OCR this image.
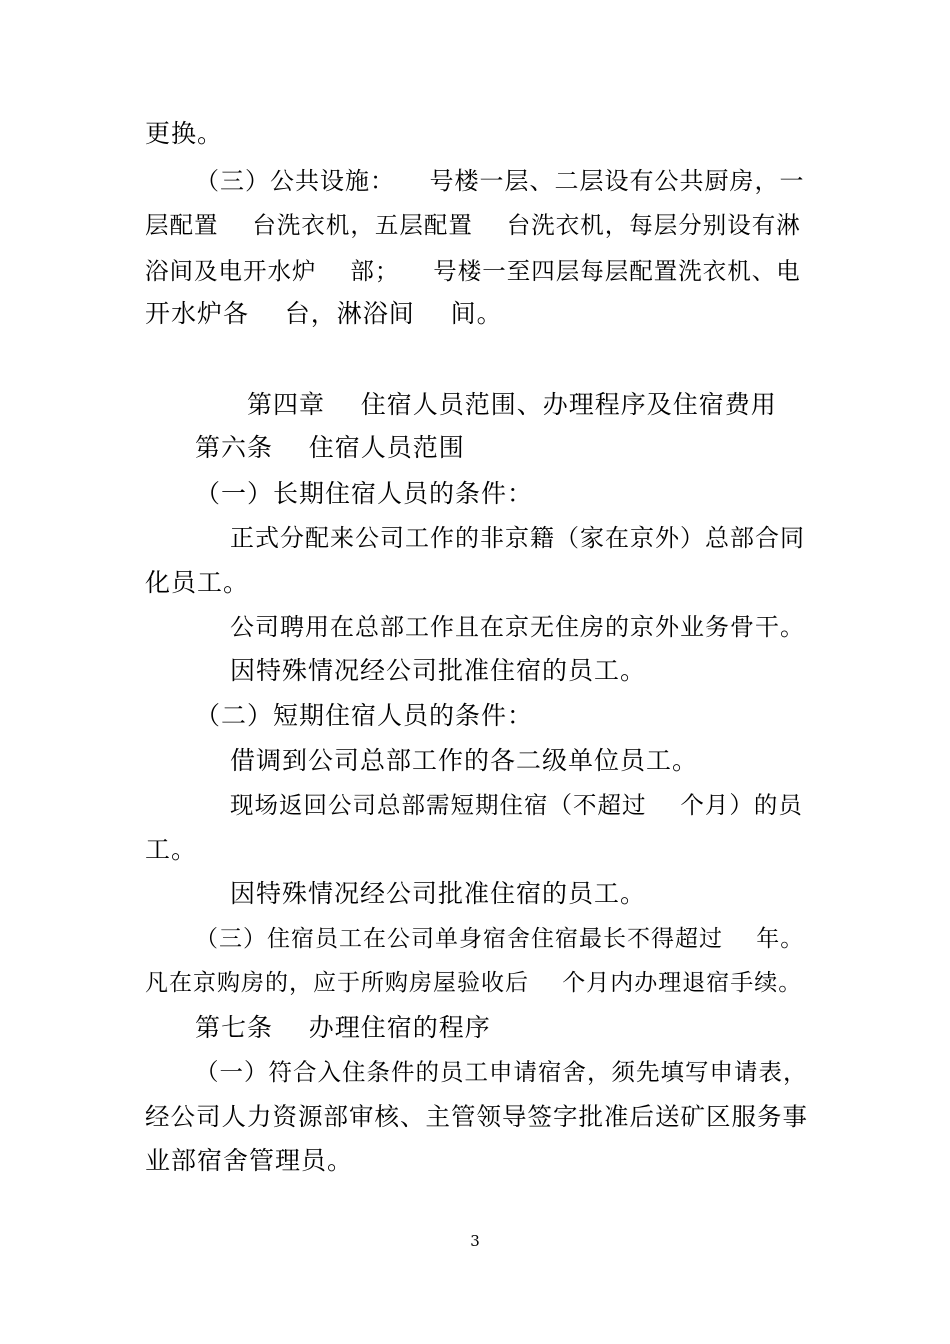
更换。
（三）公共设施：    号楼一层、二层设有公共厨房，一
层配置    台洗衣机，五层配置    台洗衣机，每层分别设有淋
浴间及电开水炉    部；    号楼一至四层每层配置洗衣机、电
开水炉各    台，淋浴间    间。
第四章    住宿人员范围、办理程序及住宿费用
第六条    住宿人员范围
（一）长期住宿人员的条件：
正式分配来公司工作的非京籍（家在京外）总部合同
化员工。
公司聘用在总部工作且在京无住房的京外业务骨干。
因特殊情况经公司批准住宿的员工。
（二）短期住宿人员的条件：
借调到公司总部工作的各二级单位员工。
现场返回公司总部需短期住宿（不超过    个月）的员
工。
因特殊情况经公司批准住宿的员工。
（三）住宿员工在公司单身宿舍住宿最长不得超过    年。
凡在京购房的，应于所购房屋验收后    个月内办理退宿手续。
第七条    办理住宿的程序
（一）符合入住条件的员工申请宿舍，须先填写申请表，
经公司人力资源部审核、主管领导签字批准后送矿区服务事
业部宿舍管理员。
3
